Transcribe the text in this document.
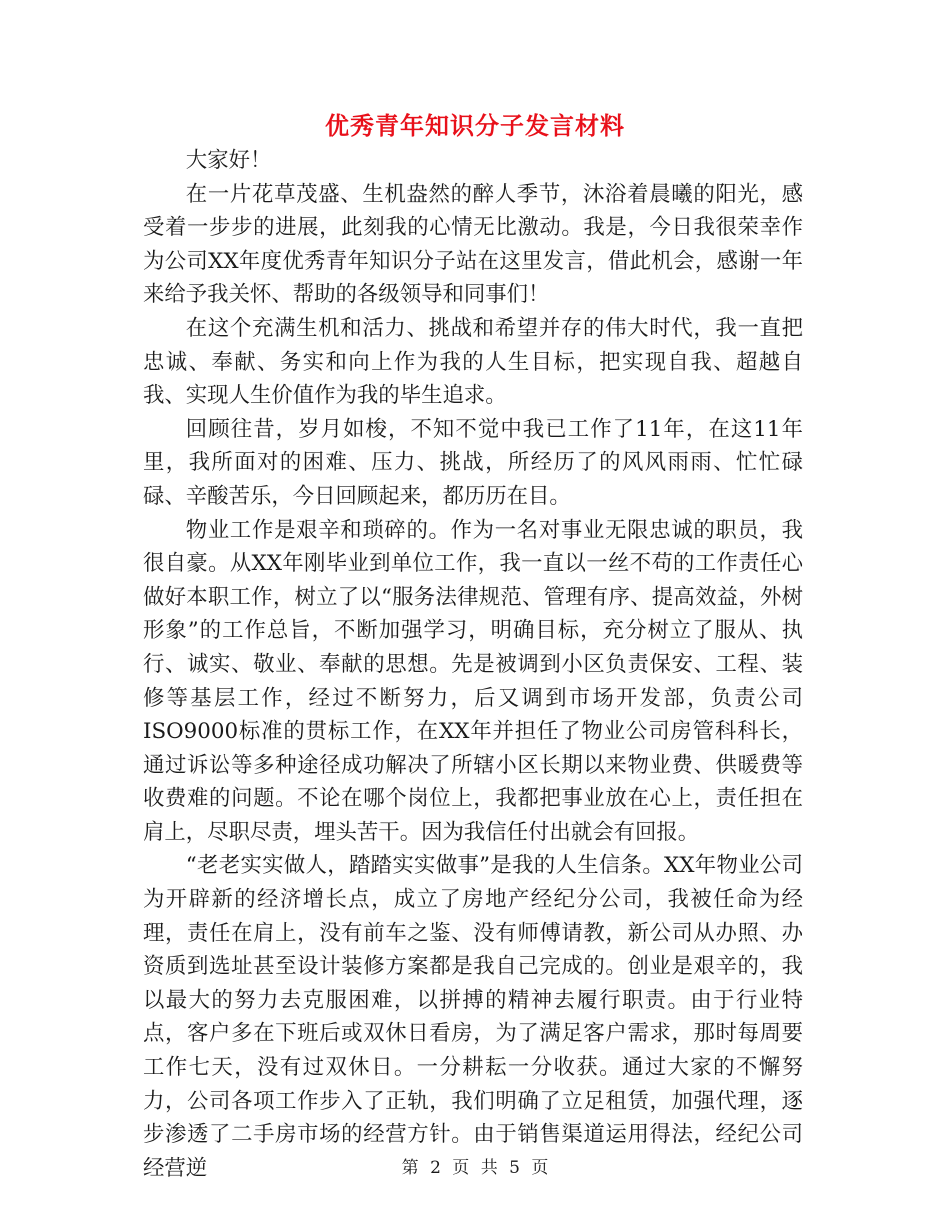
优秀青年知识分子发言材料

大家好！

在一片花草茂盛、生机盎然的醉人季节，沐浴着晨曦的阳光，感受着一步步的进展，此刻我的心情无比激动。我是，今日我很荣幸作为公司XX年度优秀青年知识分子站在这里发言，借此机会，感谢一年来给予我关怀、帮助的各级领导和同事们！

在这个充满生机和活力、挑战和希望并存的伟大时代，我一直把忠诚、奉献、务实和向上作为我的人生目标，把实现自我、超越自我、实现人生价值作为我的毕生追求。

回顾往昔，岁月如梭，不知不觉中我已工作了11年，在这11年里，我所面对的困难、压力、挑战，所经历了的风风雨雨、忙忙碌碌、辛酸苦乐，今日回顾起来，都历历在目。

物业工作是艰辛和琐碎的。作为一名对事业无限忠诚的职员，我很自豪。从XX年刚毕业到单位工作，我一直以一丝不苟的工作责任心做好本职工作，树立了以“服务法律规范、管理有序、提高效益，外树形象”的工作总旨，不断加强学习，明确目标，充分树立了服从、执行、诚实、敬业、奉献的思想。先是被调到小区负责保安、工程、装修等基层工作，经过不断努力，后又调到市场开发部，负责公司ISO9000标准的贯标工作，在XX年并担任了物业公司房管科科长，通过诉讼等多种途径成功解决了所辖小区长期以来物业费、供暖费等收费难的问题。不论在哪个岗位上，我都把事业放在心上，责任担在肩上，尽职尽责，埋头苦干。因为我信任付出就会有回报。

“老老实实做人，踏踏实实做事”是我的人生信条。XX年物业公司为开辟新的经济增长点，成立了房地产经纪分公司，我被任命为经理，责任在肩上，没有前车之鉴、没有师傅请教，新公司从办照、办资质到选址甚至设计装修方案都是我自己完成的。创业是艰辛的，我以最大的努力去克服困难，以拼搏的精神去履行职责。由于行业特点，客户多在下班后或双休日看房，为了满足客户需求，那时每周要工作七天，没有过双休日。一分耕耘一分收获。通过大家的不懈努力，公司各项工作步入了正轨，我们明确了立足租赁，加强代理，逐步渗透了二手房市场的经营方针。由于销售渠道运用得法，经纪公司经营逆	第 2 页 共 5 页
